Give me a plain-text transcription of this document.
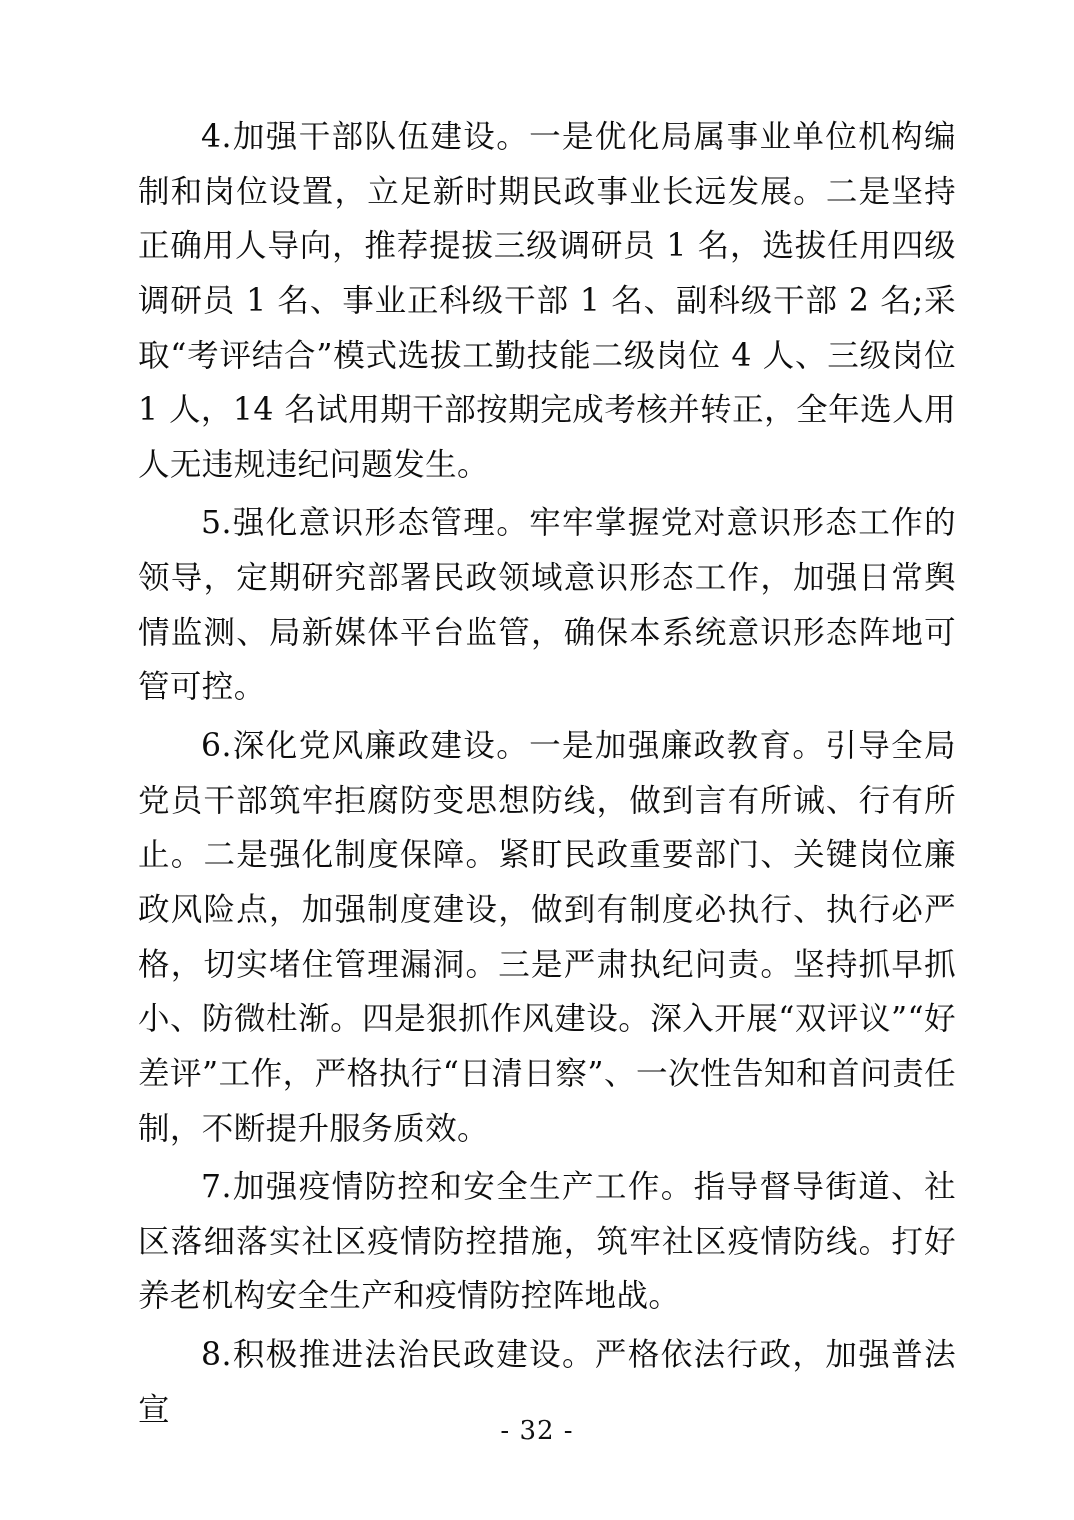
4.加强干部队伍建设。一是优化局属事业单位机构编制和岗位设置，立足新时期民政事业长远发展。二是坚持正确用人导向，推荐提拔三级调研员 1 名，选拔任用四级调研员 1 名、事业正科级干部 1 名、副科级干部 2 名;采取“考评结合”模式选拔工勤技能二级岗位 4 人、三级岗位 1 人，14 名试用期干部按期完成考核并转正，全年选人用人无违规违纪问题发生。

5.强化意识形态管理。牢牢掌握党对意识形态工作的领导，定期研究部署民政领域意识形态工作，加强日常舆情监测、局新媒体平台监管，确保本系统意识形态阵地可管可控。

6.深化党风廉政建设。一是加强廉政教育。引导全局党员干部筑牢拒腐防变思想防线，做到言有所诫、行有所止。二是强化制度保障。紧盯民政重要部门、关键岗位廉政风险点，加强制度建设，做到有制度必执行、执行必严格，切实堵住管理漏洞。三是严肃执纪问责。坚持抓早抓小、防微杜渐。四是狠抓作风建设。深入开展“双评议”“好差评”工作，严格执行“日清日察”、一次性告知和首问责任制，不断提升服务质效。

7.加强疫情防控和安全生产工作。指导督导街道、社区落细落实社区疫情防控措施，筑牢社区疫情防线。打好养老机构安全生产和疫情防控阵地战。

8.积极推进法治民政建设。严格依法行政，加强普法宣

- 32 -
